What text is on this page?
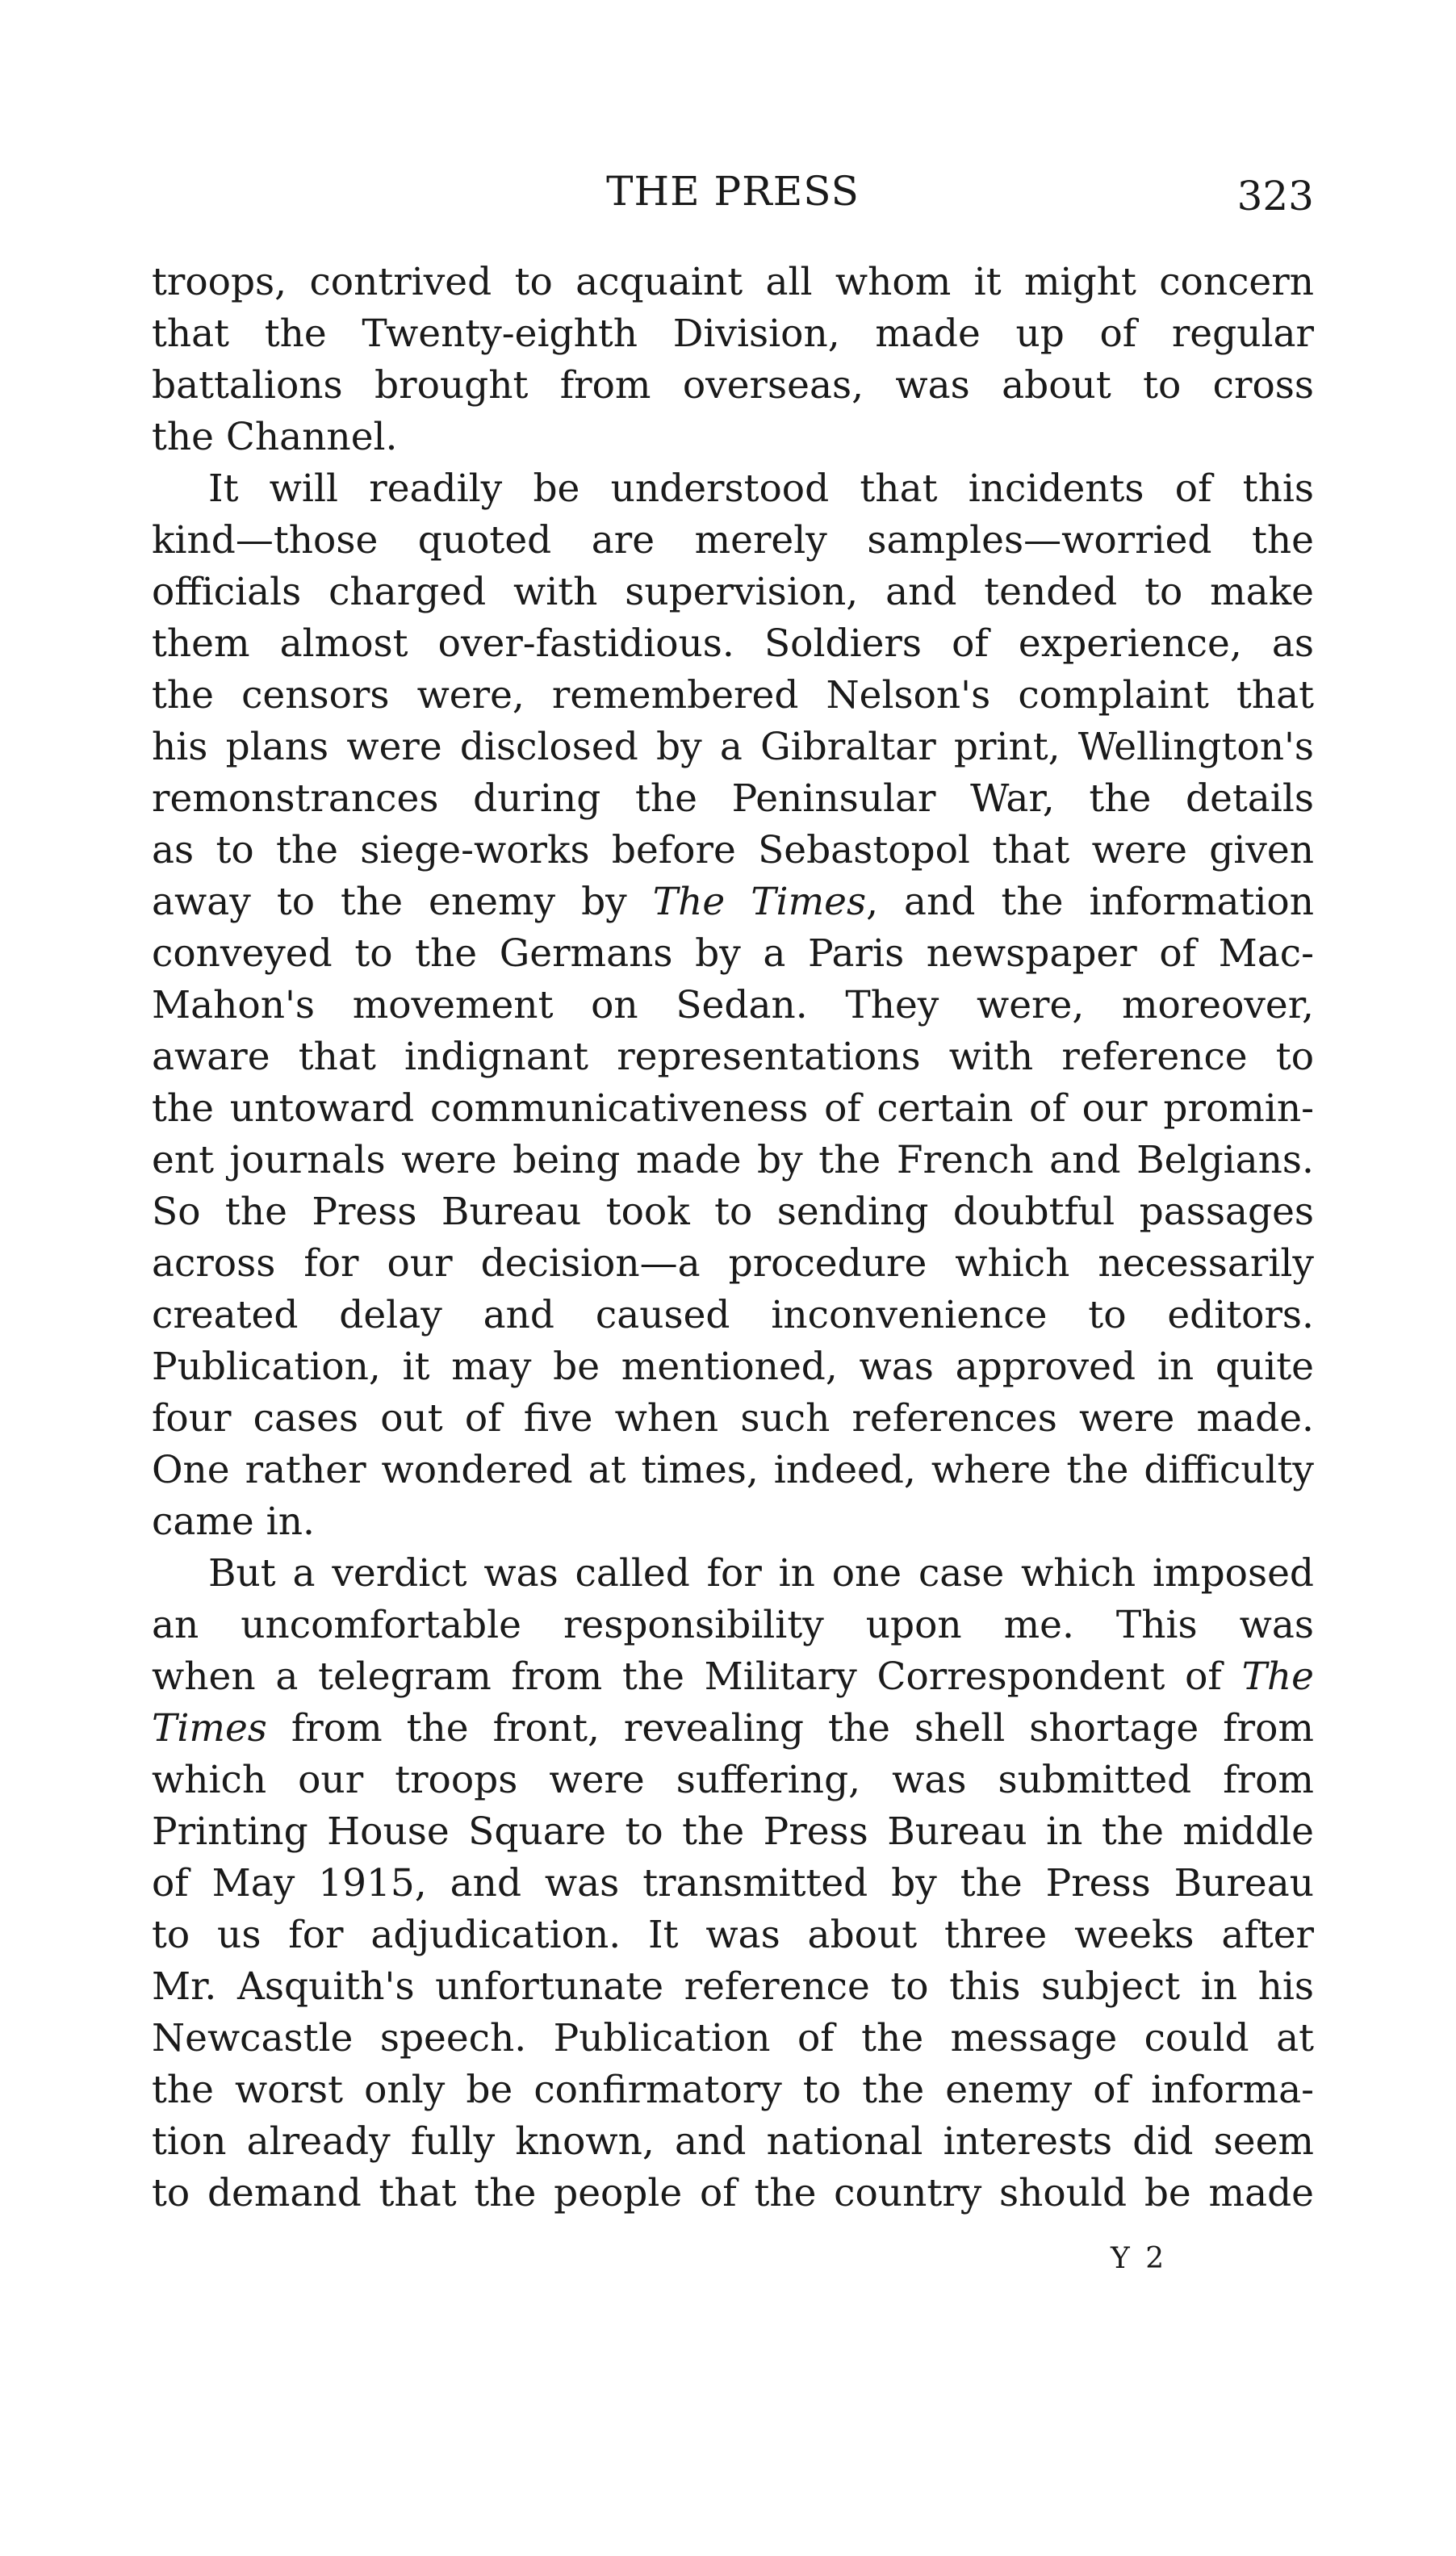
THE PRESS	323
troops, contrived to acquaint all whom it might concern
that the Twenty-eighth Division, made up of regular
battalions brought from overseas, was about to cross
the Channel.
It will readily be understood that incidents of this
kind—those quoted are merely samples—worried the
officials charged with supervision, and tended to make
them almost over-fastidious. Soldiers of experience, as
the censors were, remembered Nelson's complaint that
his plans were disclosed by a Gibraltar print, Wellington's
remonstrances during the Peninsular War, the details
as to the siege-works before Sebastopol that were given
away to the enemy by The Times, and the information
conveyed to the Germans by a Paris newspaper of Mac-
Mahon's movement on Sedan. They were, moreover,
aware that indignant representations with reference to
the untoward communicativeness of certain of our promin-
ent journals were being made by the French and Belgians.
So the Press Bureau took to sending doubtful passages
across for our decision—a procedure which necessarily
created delay and caused inconvenience to editors.
Publication, it may be mentioned, was approved in quite
four cases out of five when such references were made.
One rather wondered at times, indeed, where the difficulty
came in.
But a verdict was called for in one case which imposed
an uncomfortable responsibility upon me. This was
when a telegram from the Military Correspondent of The
Times from the front, revealing the shell shortage from
which our troops were suffering, was submitted from
Printing House Square to the Press Bureau in the middle
of May 1915, and was transmitted by the Press Bureau
to us for adjudication. It was about three weeks after
Mr. Asquith's unfortunate reference to this subject in his
Newcastle speech. Publication of the message could at
the worst only be confirmatory to the enemy of informa-
tion already fully known, and national interests did seem
to demand that the people of the country should be made
Y 2
